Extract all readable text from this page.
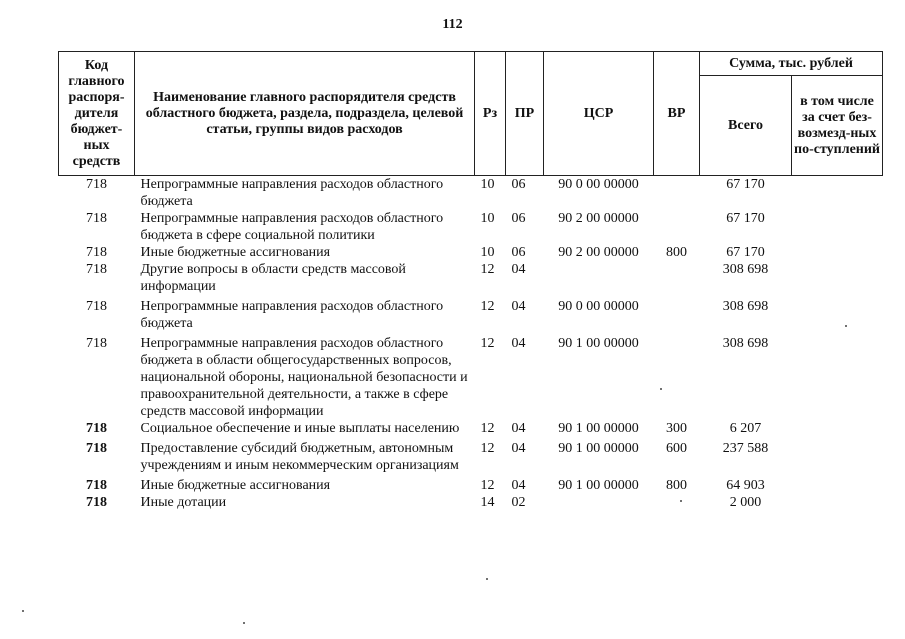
112
Код главного распоря-дителя бюджет-ных средств	Наименование главного распорядителя средств областного бюджета, раздела, подраздела, целевой статьи, группы видов расходов	Рз	ПР	ЦСР	ВР	Сумма, тыс. рублей	
						Всего	в том числе за счет без-возмезд-ных по-ступлений
718	Непрограммные направления расходов областного бюджета	10	06	90 0 00 00000		67 170	
718	Непрограммные направления расходов областного бюджета в сфере социальной политики	10	06	90 2 00 00000		67 170	
718	Иные бюджетные ассигнования	10	06	90 2 00 00000	800	67 170	
718	Другие вопросы в области средств массовой информации	12	04			308 698	
718	Непрограммные направления расходов областного бюджета	12	04	90 0 00 00000		308 698	
718	Непрограммные направления расходов областного бюджета в области общегосударственных вопросов, национальной обороны, национальной безопасности и правоохранительной деятельности, а также в сфере средств массовой информации	12	04	90 1 00 00000		308 698	
718	Социальное обеспечение и иные выплаты населению	12	04	90 1 00 00000	300	6 207	
718	Предоставление субсидий бюджетным, автономным учреждениям и иным некоммерческим организациям	12	04	90 1 00 00000	600	237 588	
718	Иные бюджетные ассигнования	12	04	90 1 00 00000	800	64 903	
718	Иные дотации	14	02			2 000	
